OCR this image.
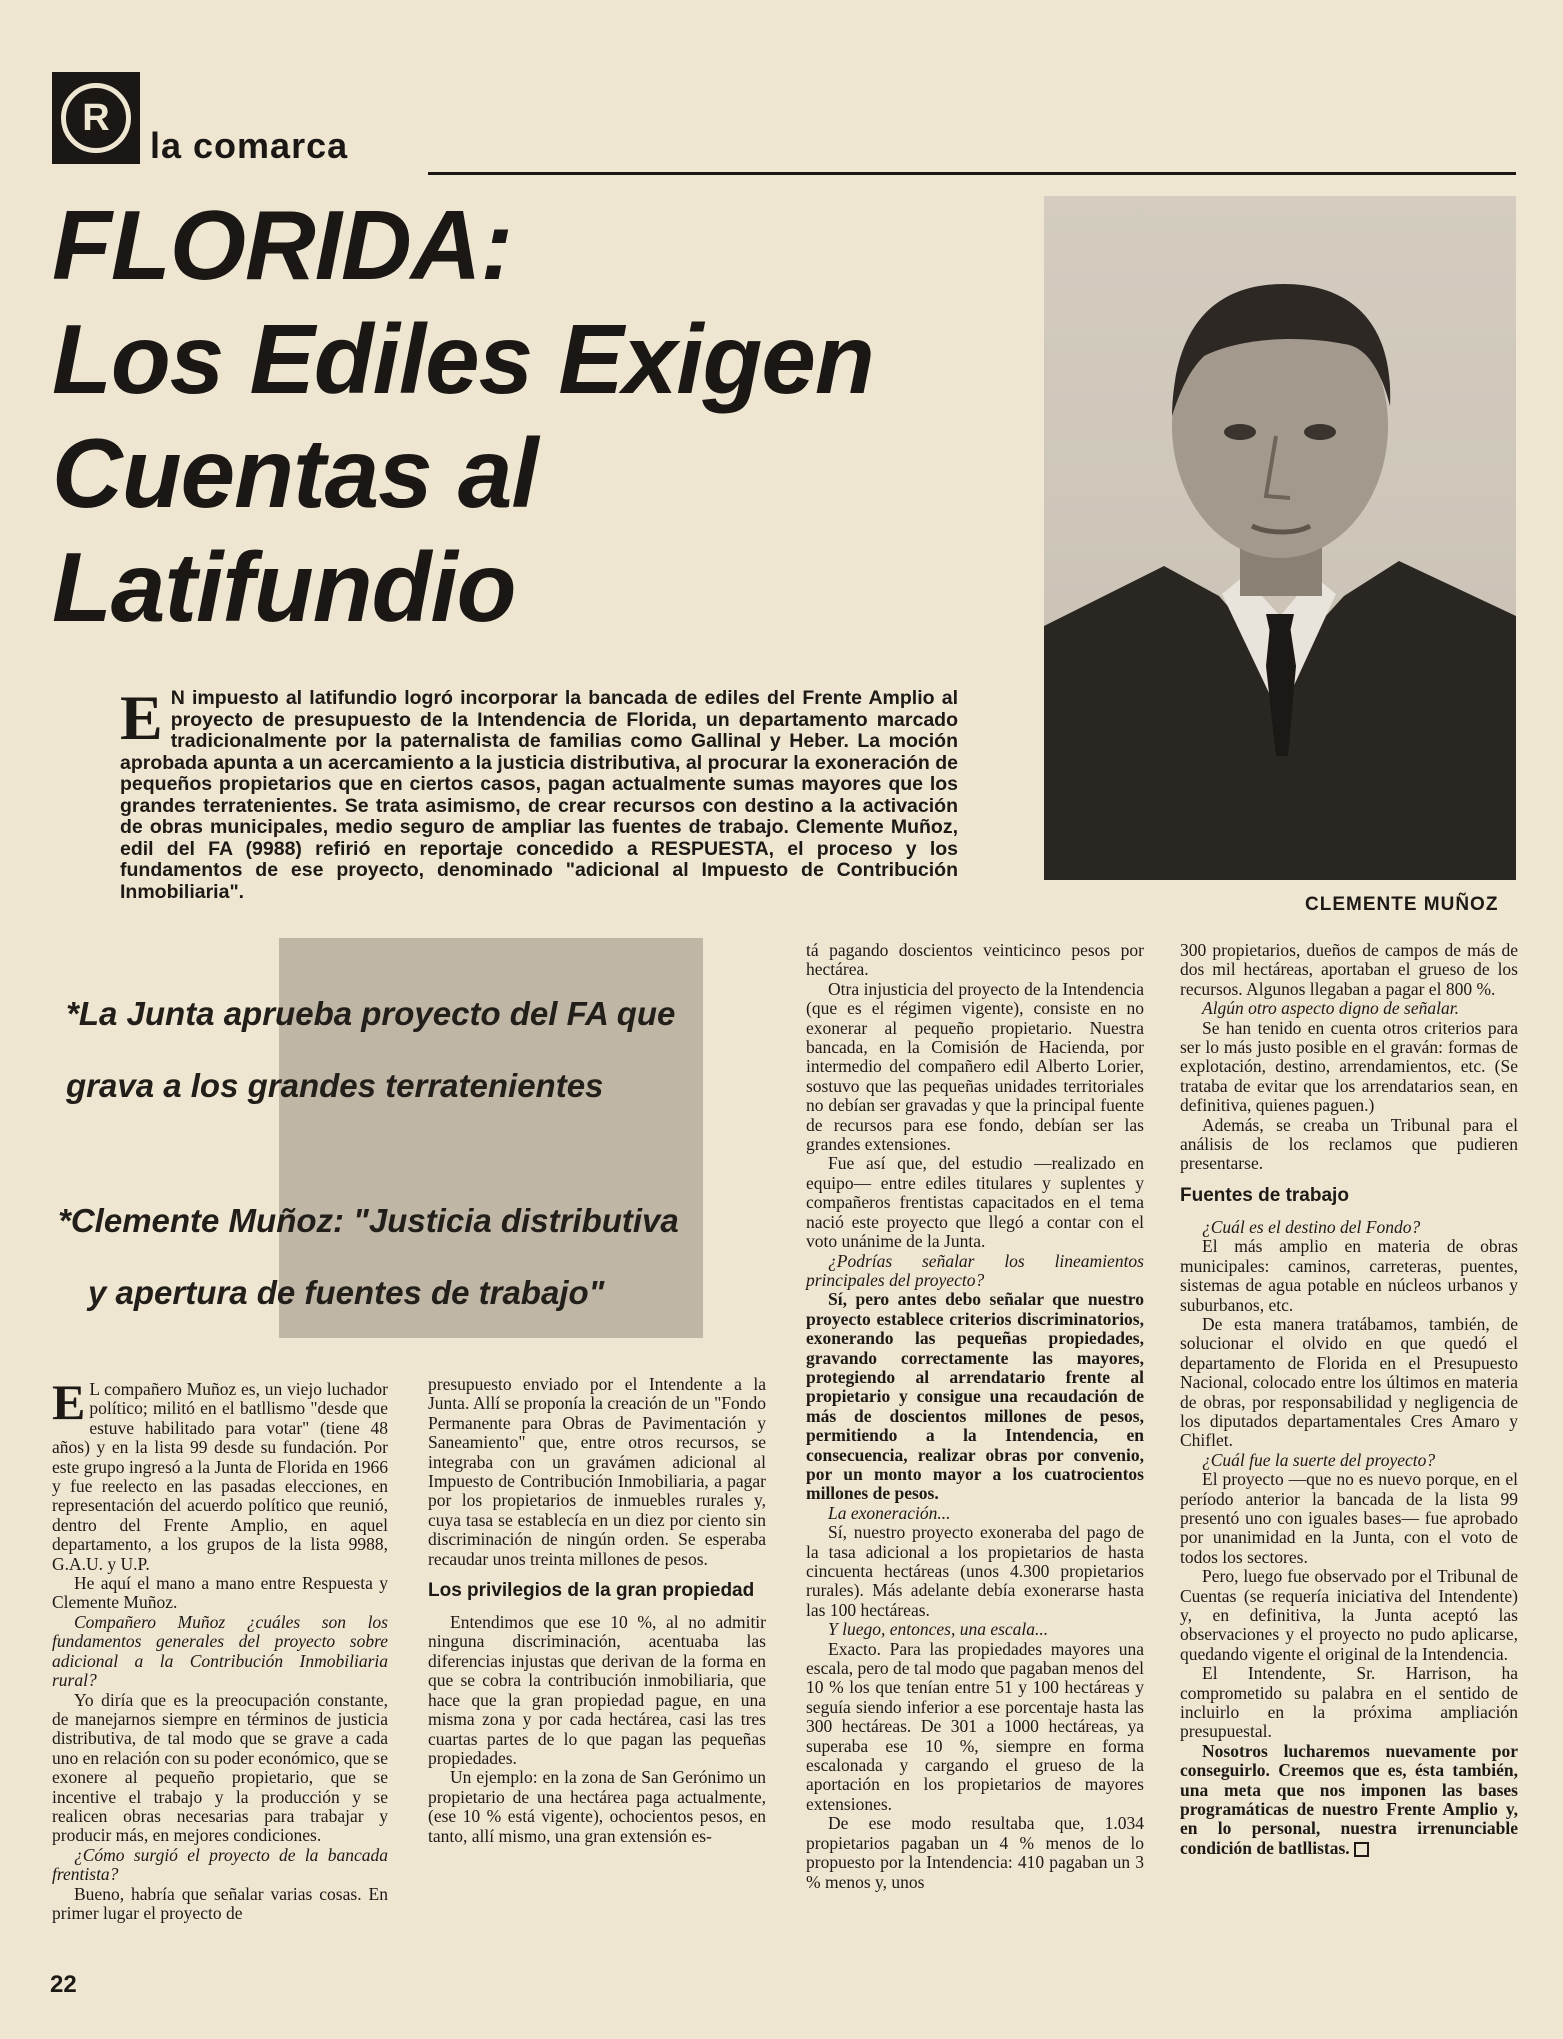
R
la comarca
FLORIDA:
Los Ediles Exigen
Cuentas al
Latifundio
CLEMENTE MUÑOZ

E N impuesto al latifundio logró incorporar la bancada de ediles del Frente Amplio al proyecto de presupuesto de la Intendencia de Florida, un departamento marcado tradicionalmente por la paternalista de familias como Gallinal y Heber. La moción aprobada apunta a un acercamiento a la justicia distributiva, al procurar la exoneración de pequeños propietarios que en ciertos casos, pagan actualmente sumas mayores que los grandes terratenientes. Se trata asimismo, de crear recursos con destino a la activación de obras municipales, medio seguro de ampliar las fuentes de trabajo. Clemente Muñoz, edil del FA (9988) refirió en reportaje concedido a RESPUESTA, el proceso y los fundamentos de ese proyecto, denominado "adicional al Impuesto de Contribución Inmobiliaria".

*La Junta aprueba proyecto del FA que
grava a los grandes terratenientes
*Clemente Muñoz: "Justicia distributiva
y apertura de fuentes de trabajo"

E L compañero Muñoz es, un viejo luchador político; militó en el batllismo "desde que estuve habilitado para votar" (tiene 48 años) y en la lista 99 desde su fundación. Por este grupo ingresó a la Junta de Florida en 1966 y fue reelecto en las pasadas elecciones, en representación del acuerdo político que reunió, dentro del Frente Amplio, en aquel departamento, a los grupos de la lista 9988, G.A.U. y U.P.

He aquí el mano a mano entre Respuesta y Clemente Muñoz.

Compañero Muñoz ¿cuáles son los fundamentos generales del proyecto sobre adicional a la Contribución Inmobiliaria rural?

Yo diría que es la preocupación constante, de manejarnos siempre en términos de justicia distributiva, de tal modo que se grave a cada uno en relación con su poder económico, que se exonere al pequeño propietario, que se incentive el trabajo y la producción y se realicen obras necesarias para trabajar y producir más, en mejores condiciones.

¿Cómo surgió el proyecto de la bancada frentista?

Bueno, habría que señalar varias cosas. En primer lugar el proyecto de

presupuesto enviado por el Intendente a la Junta. Allí se proponía la creación de un "Fondo Permanente para Obras de Pavimentación y Saneamiento" que, entre otros recursos, se integraba con un gravámen adicional al Impuesto de Contribución Inmobiliaria, a pagar por los propietarios de inmuebles rurales y, cuya tasa se establecía en un diez por ciento sin discriminación de ningún orden. Se esperaba recaudar unos treinta millones de pesos.

Los privilegios de la gran propiedad

Entendimos que ese 10 %, al no admitir ninguna discriminación, acentuaba las diferencias injustas que derivan de la forma en que se cobra la contribución inmobiliaria, que hace que la gran propiedad pague, en una misma zona y por cada hectárea, casi las tres cuartas partes de lo que pagan las pequeñas propiedades.

Un ejemplo: en la zona de San Gerónimo un propietario de una hectárea paga actualmente, (ese 10 % está vigente), ochocientos pesos, en tanto, allí mismo, una gran extensión es-

tá pagando doscientos veinticinco pesos por hectárea.

Otra injusticia del proyecto de la Intendencia (que es el régimen vigente), consiste en no exonerar al pequeño propietario. Nuestra bancada, en la Comisión de Hacienda, por intermedio del compañero edil Alberto Lorier, sostuvo que las pequeñas unidades territoriales no debían ser gravadas y que la principal fuente de recursos para ese fondo, debían ser las grandes extensiones.

Fue así que, del estudio —realizado en equipo— entre ediles titulares y suplentes y compañeros frentistas capacitados en el tema nació este proyecto que llegó a contar con el voto unánime de la Junta.

¿Podrías señalar los lineamientos principales del proyecto?

Sí, pero antes debo señalar que nuestro proyecto establece criterios discriminatorios, exonerando las pequeñas propiedades, gravando correctamente las mayores, protegiendo al arrendatario frente al propietario y consigue una recaudación de más de doscientos millones de pesos, permitiendo a la Intendencia, en consecuencia, realizar obras por convenio, por un monto mayor a los cuatrocientos millones de pesos.

La exoneración...

Sí, nuestro proyecto exoneraba del pago de la tasa adicional a los propietarios de hasta cincuenta hectáreas (unos 4.300 propietarios rurales). Más adelante debía exonerarse hasta las 100 hectáreas.

Y luego, entonces, una escala...

Exacto. Para las propiedades mayores una escala, pero de tal modo que pagaban menos del 10 % los que tenían entre 51 y 100 hectáreas y seguía siendo inferior a ese porcentaje hasta las 300 hectáreas. De 301 a 1000 hectáreas, ya superaba ese 10 %, siempre en forma escalonada y cargando el grueso de la aportación en los propietarios de mayores extensiones.

De ese modo resultaba que, 1.034 propietarios pagaban un 4 % menos de lo propuesto por la Intendencia: 410 pagaban un 3 % menos y, unos

300 propietarios, dueños de campos de más de dos mil hectáreas, aportaban el grueso de los recursos. Algunos llegaban a pagar el 800 %.

Algún otro aspecto digno de señalar.

Se han tenido en cuenta otros criterios para ser lo más justo posible en el graván: formas de explotación, destino, arrendamientos, etc. (Se trataba de evitar que los arrendatarios sean, en definitiva, quienes paguen.)

Además, se creaba un Tribunal para el análisis de los reclamos que pudieren presentarse.

Fuentes de trabajo

¿Cuál es el destino del Fondo?

El más amplio en materia de obras municipales: caminos, carreteras, puentes, sistemas de agua potable en núcleos urbanos y suburbanos, etc.

De esta manera tratábamos, también, de solucionar el olvido en que quedó el departamento de Florida en el Presupuesto Nacional, colocado entre los últimos en materia de obras, por responsabilidad y negligencia de los diputados departamentales Cres Amaro y Chiflet.

¿Cuál fue la suerte del proyecto?

El proyecto —que no es nuevo porque, en el período anterior la bancada de la lista 99 presentó uno con iguales bases— fue aprobado por unanimidad en la Junta, con el voto de todos los sectores.

Pero, luego fue observado por el Tribunal de Cuentas (se requería iniciativa del Intendente) y, en definitiva, la Junta aceptó las observaciones y el proyecto no pudo aplicarse, quedando vigente el original de la Intendencia.

El Intendente, Sr. Harrison, ha comprometido su palabra en el sentido de incluirlo en la próxima ampliación presupuestal.

Nosotros lucharemos nuevamente por conseguirlo. Creemos que es, ésta también, una meta que nos imponen las bases programáticas de nuestro Frente Amplio y, en lo personal, nuestra irrenunciable condición de batllistas.

22
